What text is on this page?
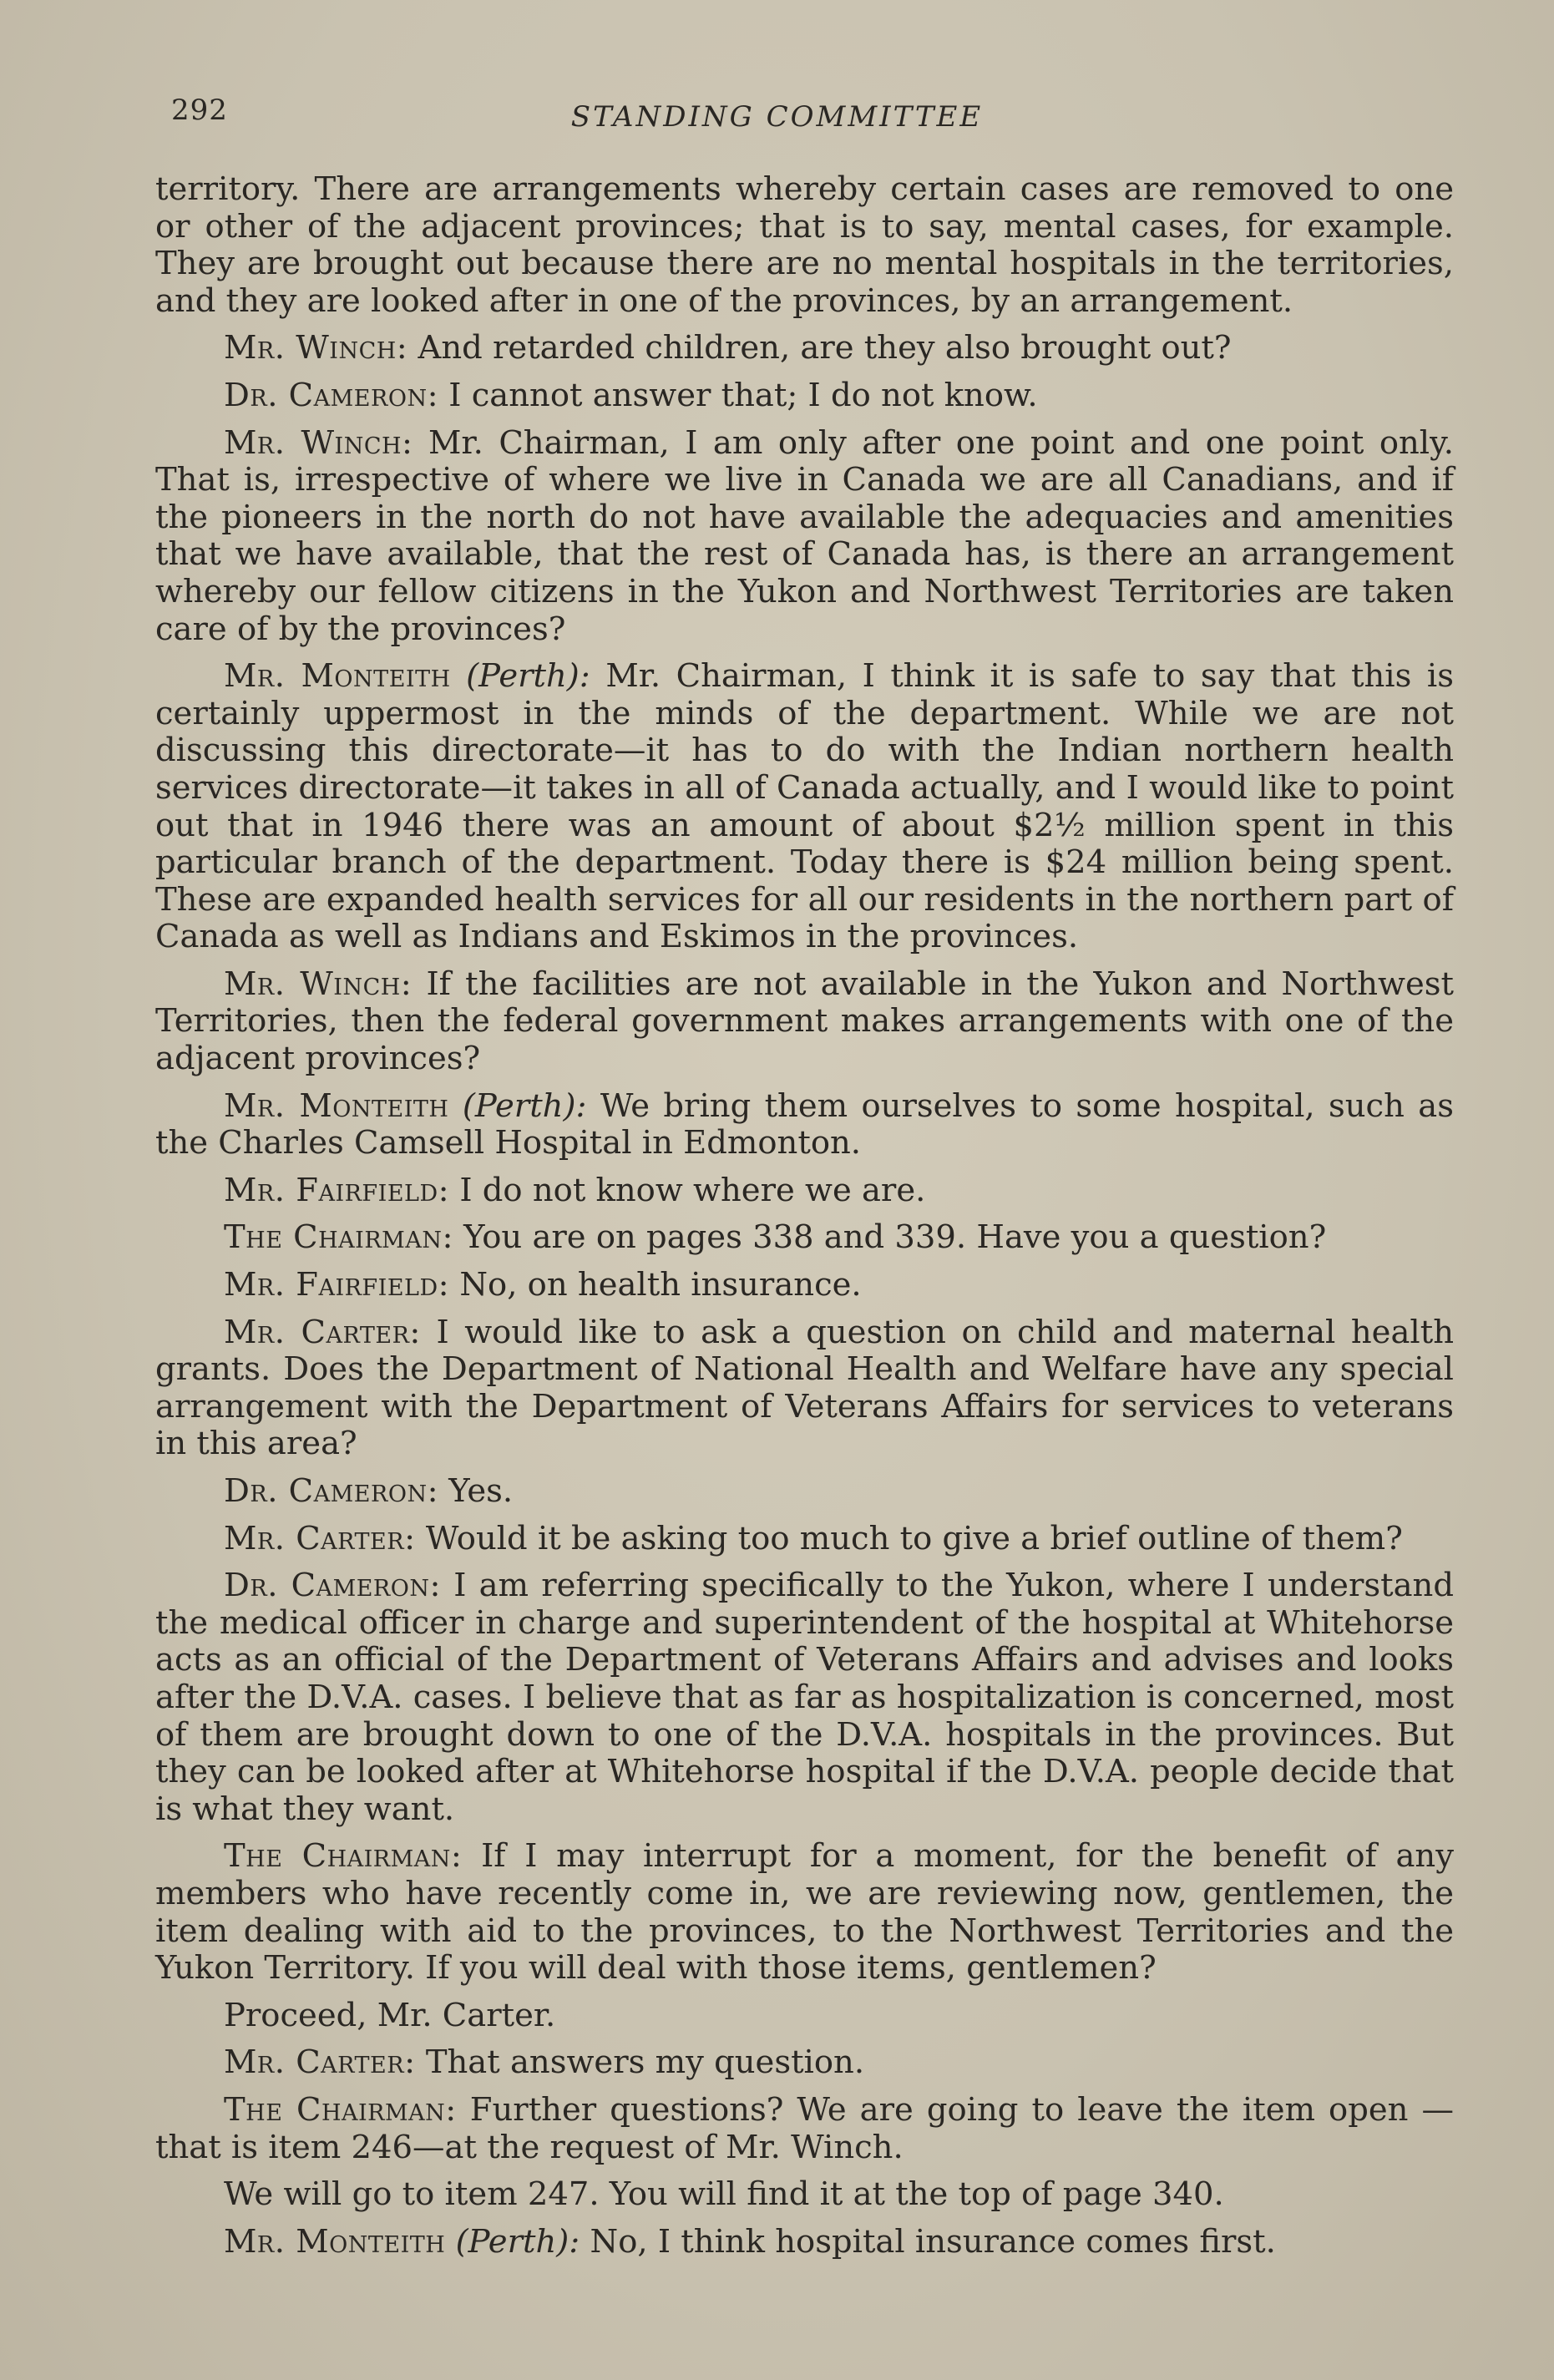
292	STANDING COMMITTEE

territory. There are arrangements whereby certain cases are removed to one or other of the adjacent provinces; that is to say, mental cases, for example. They are brought out because there are no mental hospitals in the territories, and they are looked after in one of the provinces, by an arrangement.

Mr. Winch: And retarded children, are they also brought out?

Dr. Cameron: I cannot answer that; I do not know.

Mr. Winch: Mr. Chairman, I am only after one point and one point only. That is, irrespective of where we live in Canada we are all Canadians, and if the pioneers in the north do not have available the adequacies and amenities that we have available, that the rest of Canada has, is there an arrangement whereby our fellow citizens in the Yukon and Northwest Territories are taken care of by the provinces?

Mr. Monteith (Perth): Mr. Chairman, I think it is safe to say that this is certainly uppermost in the minds of the department. While we are not discussing this directorate—it has to do with the Indian northern health services directorate—it takes in all of Canada actually, and I would like to point out that in 1946 there was an amount of about $2½ million spent in this particular branch of the department. Today there is $24 million being spent. These are expanded health services for all our residents in the northern part of Canada as well as Indians and Eskimos in the provinces.

Mr. Winch: If the facilities are not available in the Yukon and Northwest Territories, then the federal government makes arrangements with one of the adjacent provinces?

Mr. Monteith (Perth): We bring them ourselves to some hospital, such as the Charles Camsell Hospital in Edmonton.

Mr. Fairfield: I do not know where we are.

The Chairman: You are on pages 338 and 339. Have you a question?

Mr. Fairfield: No, on health insurance.

Mr. Carter: I would like to ask a question on child and maternal health grants. Does the Department of National Health and Welfare have any special arrangement with the Department of Veterans Affairs for services to veterans in this area?

Dr. Cameron: Yes.

Mr. Carter: Would it be asking too much to give a brief outline of them?

Dr. Cameron: I am referring specifically to the Yukon, where I understand the medical officer in charge and superintendent of the hospital at Whitehorse acts as an official of the Department of Veterans Affairs and advises and looks after the D.V.A. cases. I believe that as far as hospitalization is concerned, most of them are brought down to one of the D.V.A. hospitals in the provinces. But they can be looked after at Whitehorse hospital if the D.V.A. people decide that is what they want.

The Chairman: If I may interrupt for a moment, for the benefit of any members who have recently come in, we are reviewing now, gentlemen, the item dealing with aid to the provinces, to the Northwest Territories and the Yukon Territory. If you will deal with those items, gentlemen?

Proceed, Mr. Carter.

Mr. Carter: That answers my question.

The Chairman: Further questions? We are going to leave the item open —that is item 246—at the request of Mr. Winch.

We will go to item 247. You will find it at the top of page 340.

Mr. Monteith (Perth): No, I think hospital insurance comes first.
